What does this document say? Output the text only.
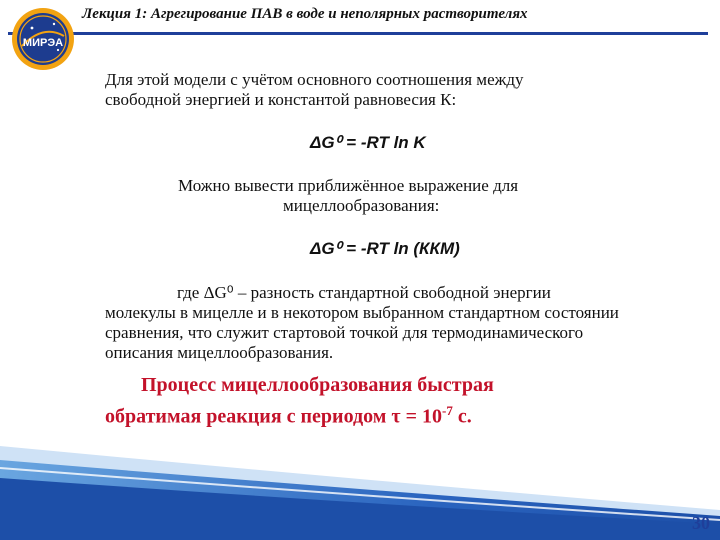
МИРЭА
Лекция 1: Агрегирование ПАВ в воде и неполярных растворителях
Для этой модели с учётом основного соотношения между свободной энергией и константой равновесия К:
ΔG⁰ = -RT ln K
Можно вывести приближённое выражение для
мицеллообразования:
ΔG⁰ = -RT ln (ККМ)
где ΔG⁰ – разность стандартной свободной энергии молекулы в мицелле и в некотором выбранном стандартном состоянии сравнения, что служит стартовой точкой для термодинамического описания мицеллообразования.
Процесс мицеллообразования быстрая
обратимая реакция с периодом $\tau = 10^{-7}$ с.
30
